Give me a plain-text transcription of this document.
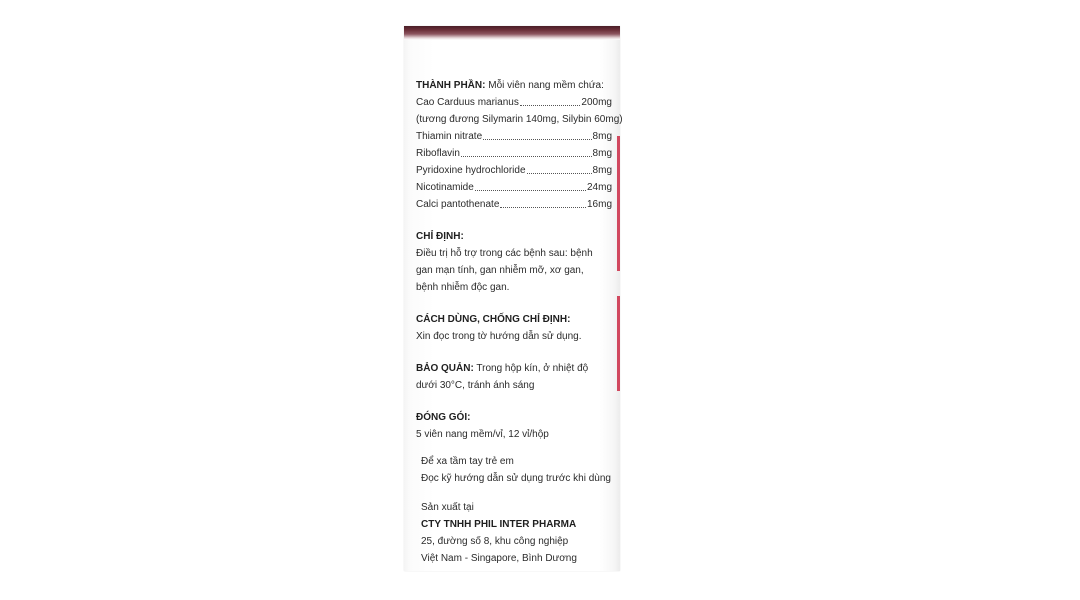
THÀNH PHẦN: Mỗi viên nang mềm chứa:
Cao Carduus marianus	200mg
(tương đương Silymarin 140mg, Silybin 60mg)
Thiamin nitrate	8mg
Riboflavin	8mg
Pyridoxine hydrochloride	8mg
Nicotinamide	24mg
Calci pantothenate	16mg
CHỈ ĐỊNH:
Điều trị hỗ trợ trong các bệnh sau: bệnh
gan mạn tính, gan nhiễm mỡ, xơ gan,
bệnh nhiễm độc gan.
CÁCH DÙNG, CHỐNG CHỈ ĐỊNH:
Xin đọc trong tờ hướng dẫn sử dụng.
BẢO QUẢN: Trong hộp kín, ở nhiệt độ
dưới 30°C, tránh ánh sáng
ĐÓNG GÓI:
5 viên nang mềm/vỉ, 12 vỉ/hộp
Để xa tầm tay trẻ em
Đọc kỹ hướng dẫn sử dụng trước khi dùng
Sản xuất tại
CTY TNHH PHIL INTER PHARMA
25, đường số 8, khu công nghiệp
Việt Nam - Singapore, Bình Dương
